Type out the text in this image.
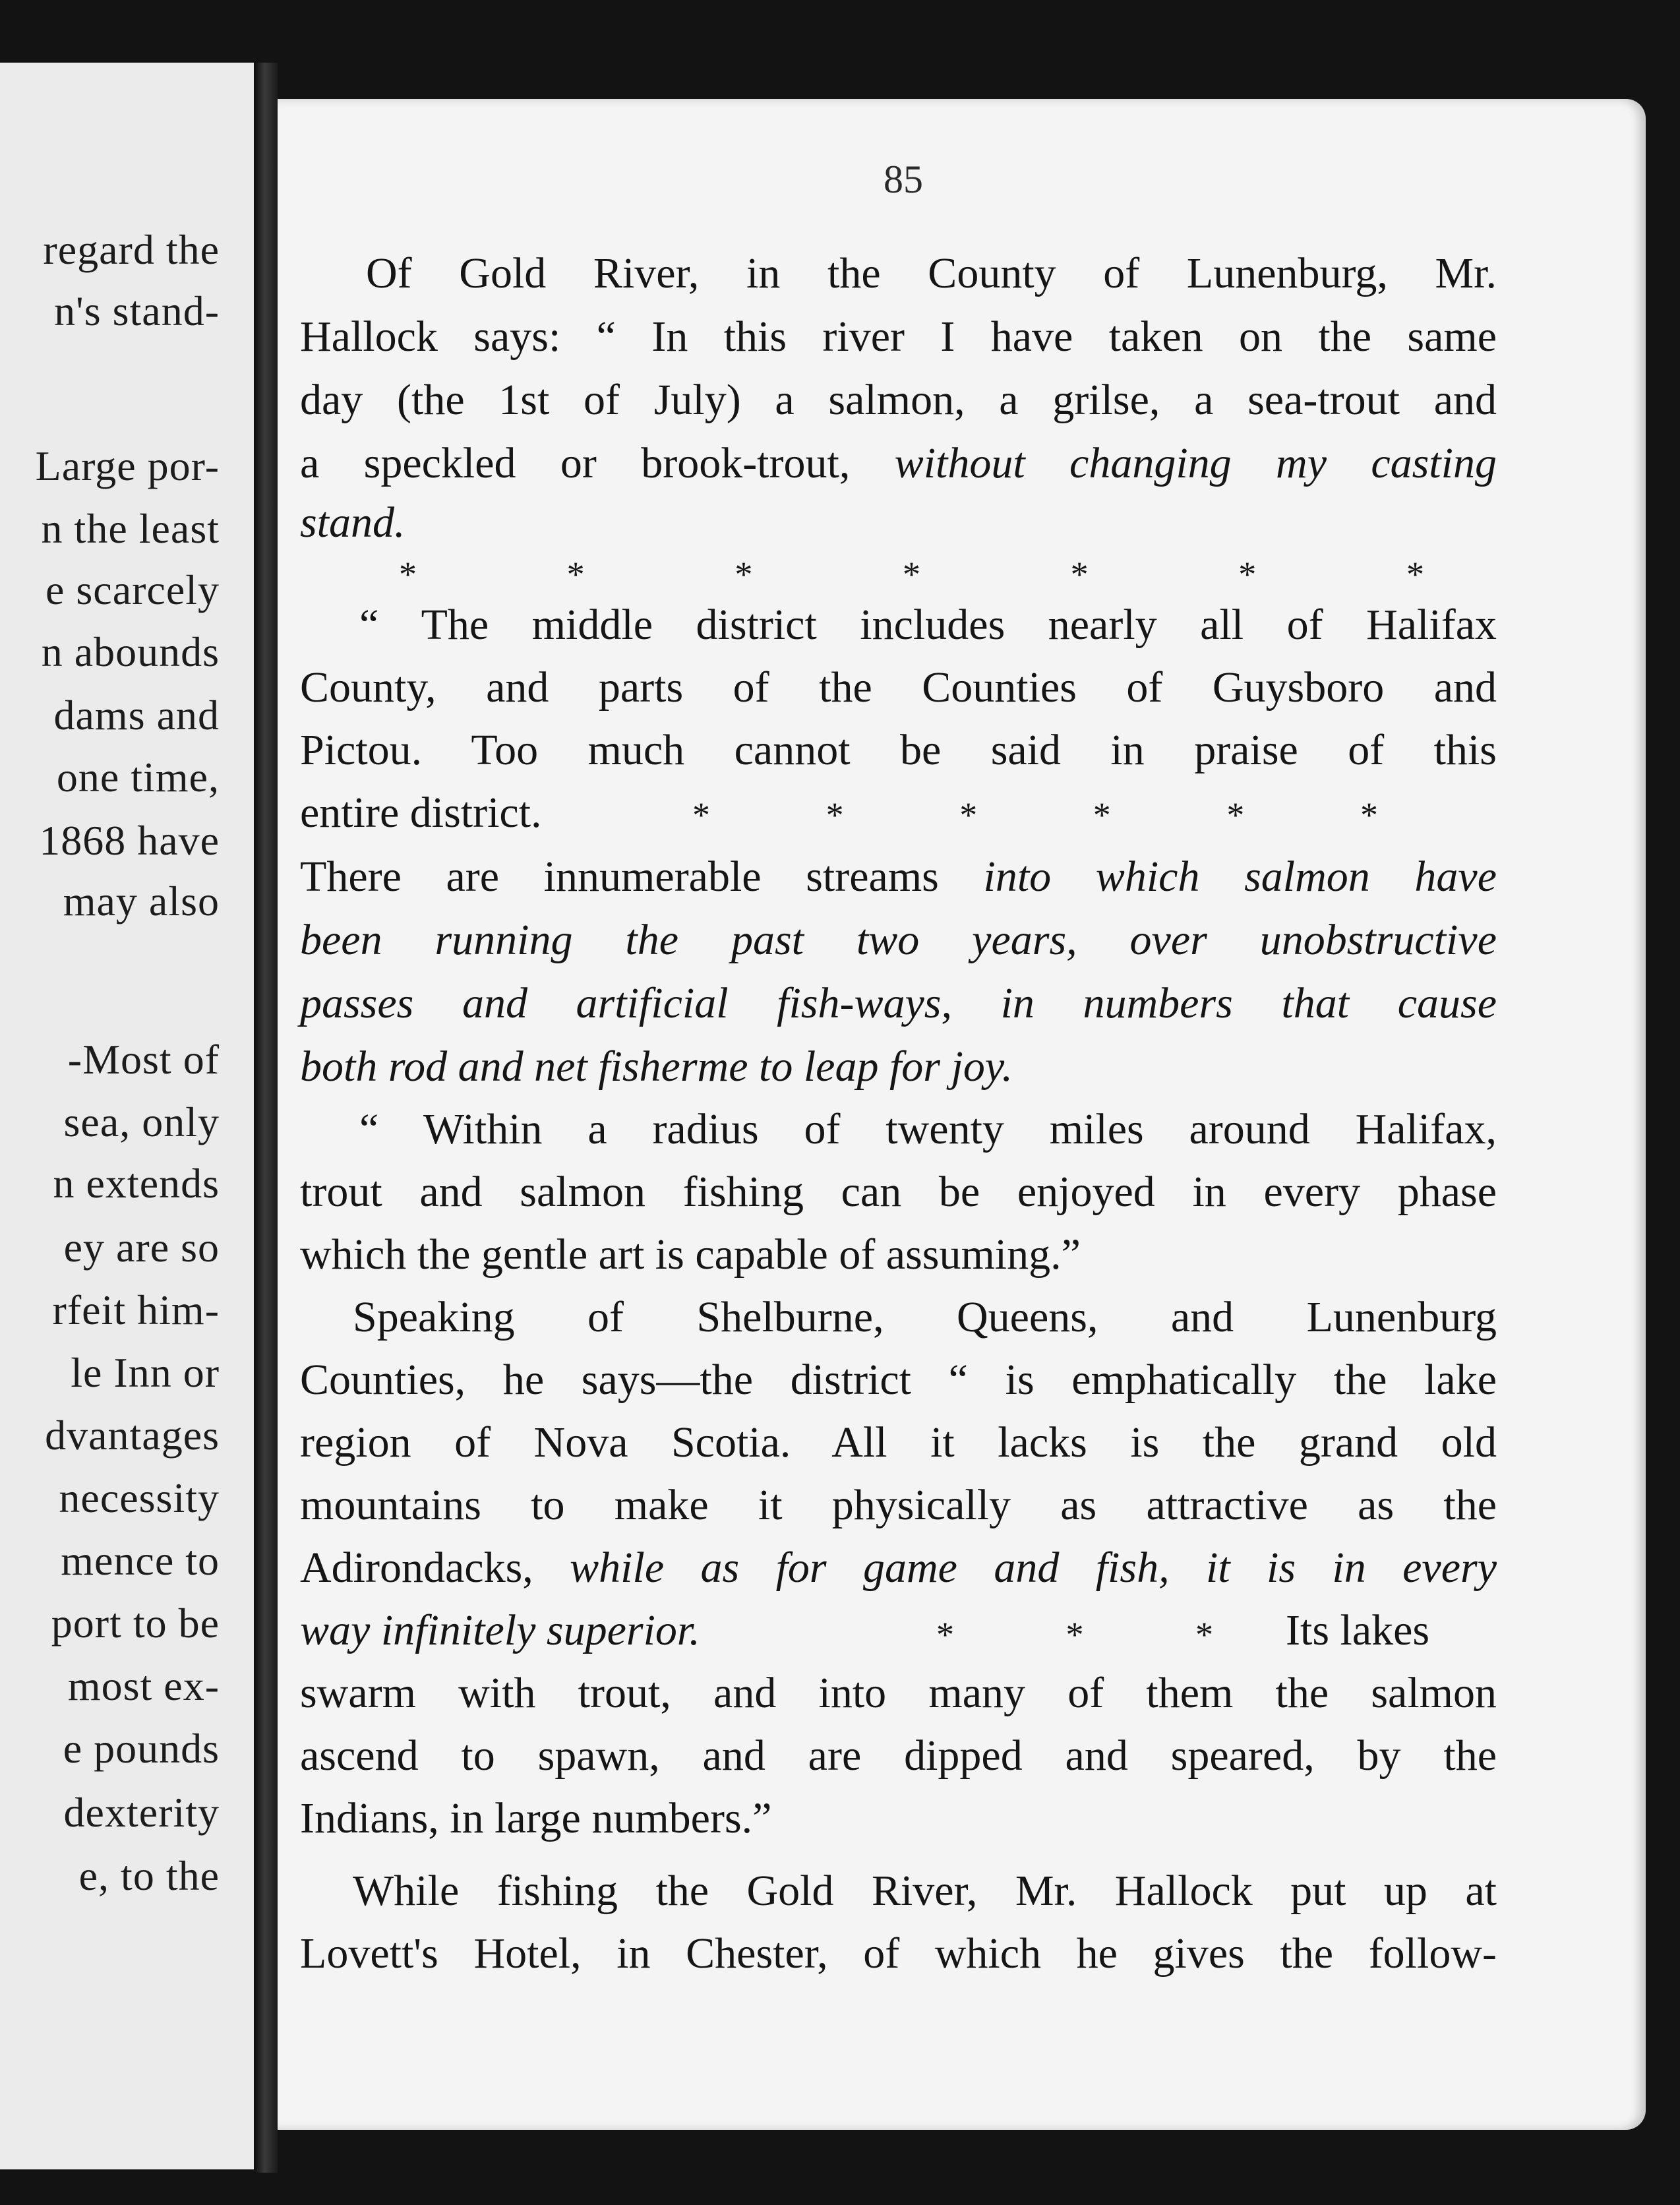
regard the
n's stand-
Large por-
n the least
e scarcely
n abounds
dams and
one time,
1868 have
may also
-Most of
sea, only
n extends
ey are so
rfeit him-
le Inn or
dvantages
necessity
mence to
port to be
most ex-
e pounds
dexterity
e, to the
85
Of Gold River, in the County of Lunenburg, Mr.
Hallock says: “ In this river I have taken on the same
day (the 1st of July) a salmon, a grilse, a sea-trout and
a speckled or brook-trout, without changing my casting
stand.
*	*	*	*	*	*	*
“ The middle district includes nearly all of Halifax
County, and parts of the Counties of Guysboro and
Pictou. Too much cannot be said in praise of this
entire district.	*	*	*	*	*	*
There are innumerable streams into which salmon have
been running the past two years, over unobstructive
passes and artificial fish-ways, in numbers that cause
both rod and net fisherme to leap for joy.
“ Within a radius of twenty miles around Halifax,
trout and salmon fishing can be enjoyed in every phase
which the gentle art is capable of assuming.”
Speaking of Shelburne, Queens, and Lunenburg
Counties, he says—the district “ is emphatically the lake
region of Nova Scotia. All it lacks is the grand old
mountains to make it physically as attractive as the
Adirondacks, while as for game and fish, it is in every
way infinitely superior.	*	*	* Its lakes
swarm with trout, and into many of them the salmon
ascend to spawn, and are dipped and speared, by the
Indians, in large numbers.”
While fishing the Gold River, Mr. Hallock put up at
Lovett's Hotel, in Chester, of which he gives the follow-
